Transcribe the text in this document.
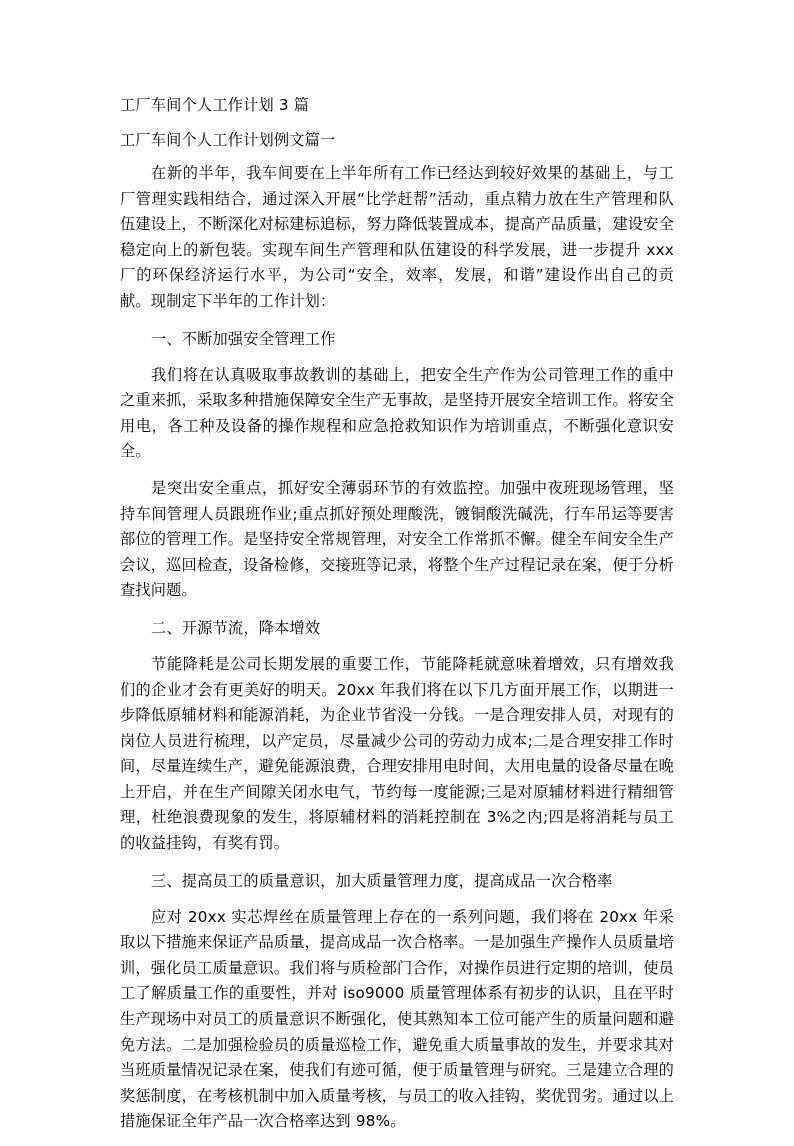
工厂车间个人工作计划 3 篇
工厂车间个人工作计划例文篇一

在新的半年，我车间要在上半年所有工作已经达到较好效果的基础上，与工厂管理实践相结合，通过深入开展“比学赶帮”活动，重点精力放在生产管理和队伍建设上，不断深化对标建标追标，努力降低装置成本，提高产品质量，建设安全稳定向上的新包装。实现车间生产管理和队伍建设的科学发展，进一步提升 xxx 厂的环保经济运行水平，为公司“安全，效率，发展，和谐”建设作出自己的贡献。现制定下半年的工作计划：

一、不断加强安全管理工作

我们将在认真吸取事故教训的基础上，把安全生产作为公司管理工作的重中之重来抓，采取多种措施保障安全生产无事故，是坚持开展安全培训工作。将安全用电，各工种及设备的操作规程和应急抢救知识作为培训重点，不断强化意识安全。

是突出安全重点，抓好安全薄弱环节的有效监控。加强中夜班现场管理，坚持车间管理人员跟班作业;重点抓好预处理酸洗，镀铜酸洗碱洗，行车吊运等要害部位的管理工作。是坚持安全常规管理，对安全工作常抓不懈。健全车间安全生产会议，巡回检查，设备检修，交接班等记录，将整个生产过程记录在案，便于分析查找问题。

二、开源节流，降本增效

节能降耗是公司长期发展的重要工作，节能降耗就意味着增效，只有增效我们的企业才会有更美好的明天。20xx 年我们将在以下几方面开展工作，以期进一步降低原辅材料和能源消耗，为企业节省没一分钱。一是合理安排人员，对现有的岗位人员进行梳理，以产定员，尽量减少公司的劳动力成本;二是合理安排工作时间，尽量连续生产，避免能源浪费，合理安排用电时间，大用电量的设备尽量在晚上开启，并在生产间隙关闭水电气，节约每一度能源;三是对原辅材料进行精细管理，杜绝浪费现象的发生，将原辅材料的消耗控制在 3%之内;四是将消耗与员工的收益挂钩，有奖有罚。

三、提高员工的质量意识，加大质量管理力度，提高成品一次合格率

应对 20xx 实芯焊丝在质量管理上存在的一系列问题，我们将在 20xx 年采取以下措施来保证产品质量，提高成品一次合格率。一是加强生产操作人员质量培训，强化员工质量意识。我们将与质检部门合作，对操作员进行定期的培训，使员工了解质量工作的重要性，并对 iso9000 质量管理体系有初步的认识，且在平时生产现场中对员工的质量意识不断强化，使其熟知本工位可能产生的质量问题和避免方法。二是加强检验员的质量巡检工作，避免重大质量事故的发生，并要求其对当班质量情况记录在案，使我们有迹可循，便于质量管理与研究。三是建立合理的奖惩制度，在考核机制中加入质量考核，与员工的收入挂钩，奖优罚劣。通过以上措施保证全年产品一次合格率达到 98%。
